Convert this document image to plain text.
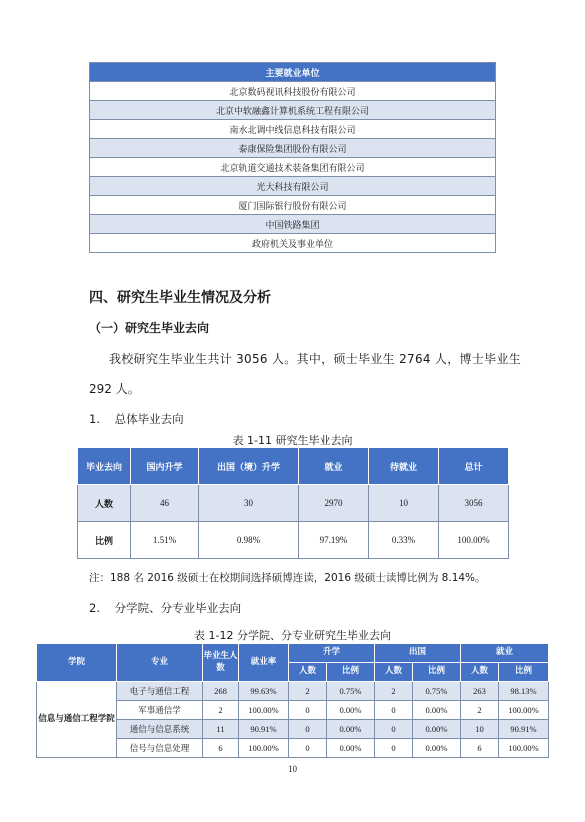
主要就业单位
北京数码视讯科技股份有限公司
北京中软融鑫计算机系统工程有限公司
南水北调中线信息科技有限公司
泰康保险集团股份有限公司
北京轨道交通技术装备集团有限公司
光大科技有限公司
厦门国际银行股份有限公司
中国铁路集团
政府机关及事业单位
四、研究生毕业生情况及分析
（一）研究生毕业去向
我校研究生毕业生共计 3056 人。其中，硕士毕业生 2764 人，博士毕业生
292 人。
1.    总体毕业去向
表 1-11 研究生毕业去向
毕业去向	国内升学	出国（境）升学	就业	待就业	总计
人数	46	30	2970	10	3056
比例	1.51%	0.98%	97.19%	0.33%	100.00%
注：188 名 2016 级硕士在校期间选择硕博连读，2016 级硕士读博比例为 8.14%。
2.    分学院、分专业毕业去向
表 1-12 分学院、分专业研究生毕业去向
学院	专业	毕业生人数	就业率	升学		出国		就业	
				人数	比例	人数	比例	人数	比例
信息与通信工程学院	电子与通信工程	268	99.63%	2	0.75%	2	0.75%	263	98.13%
	军事通信学	2	100.00%	0	0.00%	0	0.00%	2	100.00%
	通信与信息系统	11	90.91%	0	0.00%	0	0.00%	10	90.91%
	信号与信息处理	6	100.00%	0	0.00%	0	0.00%	6	100.00%
10
